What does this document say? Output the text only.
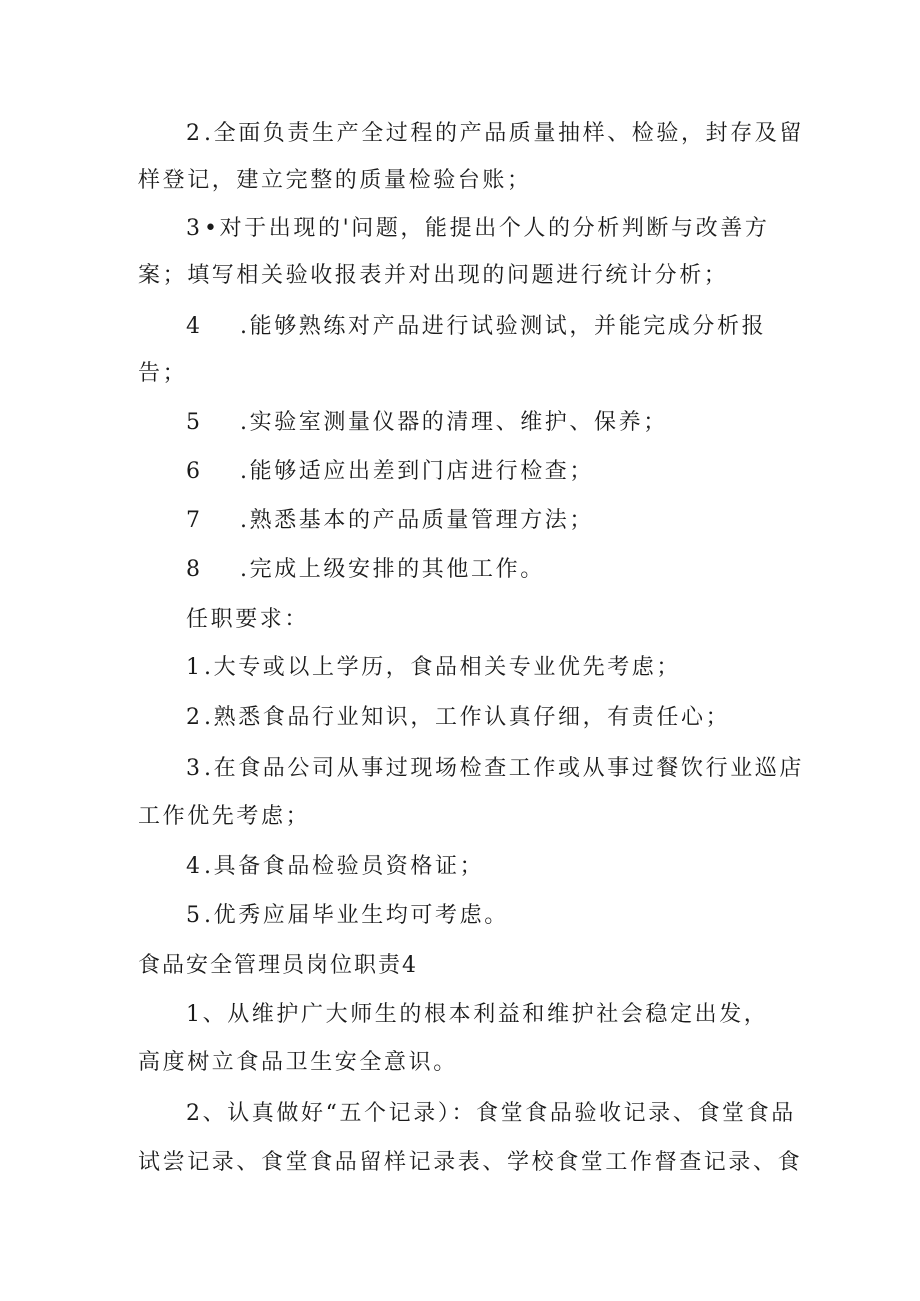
2.全面负责生产全过程的产品质量抽样、检验，封存及留
样登记，建立完整的质量检验台账；
3•对于出现的'问题，能提出个人的分析判断与改善方
案；填写相关验收报表并对出现的问题进行统计分析；
4 .能够熟练对产品进行试验测试，并能完成分析报
告；
5 .实验室测量仪器的清理、维护、保养；
6 .能够适应出差到门店进行检查；
7 .熟悉基本的产品质量管理方法；
8 .完成上级安排的其他工作。
任职要求：
1.大专或以上学历，食品相关专业优先考虑；
2.熟悉食品行业知识，工作认真仔细，有责任心；
3.在食品公司从事过现场检查工作或从事过餐饮行业巡店
工作优先考虑；
4.具备食品检验员资格证；
5.优秀应届毕业生均可考虑。
食品安全管理员岗位职责4
1、从维护广大师生的根本利益和维护社会稳定出发，
高度树立食品卫生安全意识。
2、认真做好“五个记录）：食堂食品验收记录、食堂食品
试尝记录、食堂食品留样记录表、学校食堂工作督查记录、食
